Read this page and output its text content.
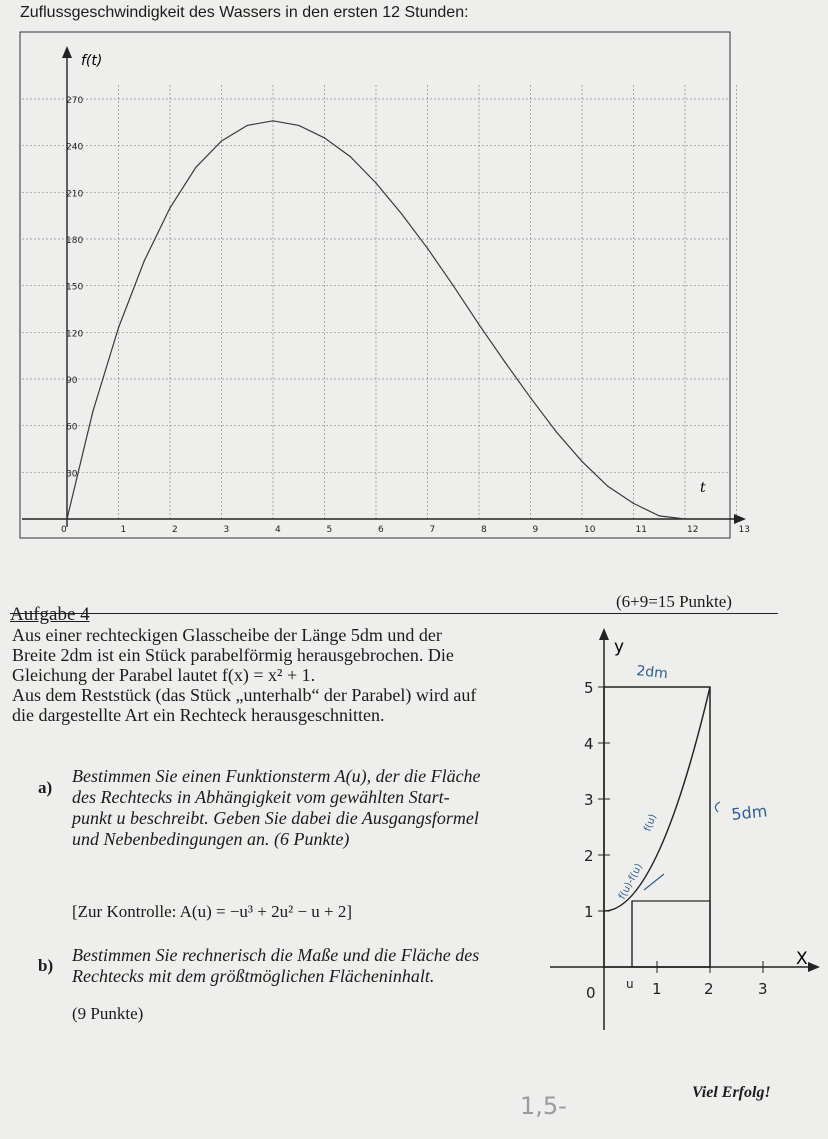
Zuflussgeschwindigkeit des Wassers in den ersten 12 Stunden:
0	1	2	3	4	5	6	7	8	9	10	11	12	13
30
60
90
120
150
180
210
240
270
f(t)
t
Aufgabe 4
(6+9=15 Punkte)
Aus einer rechteckigen Glasscheibe der Länge 5dm und der
Breite 2dm ist ein Stück parabelförmig herausgebrochen. Die
Gleichung der Parabel lautet f(x) = x² + 1.
Aus dem Reststück (das Stück „unterhalb“ der Parabel) wird auf
die dargestellte Art ein Rechteck herausgeschnitten.
a)
Bestimmen Sie einen Funktionsterm A(u), der die Fläche
des Rechtecks in Abhängigkeit vom gewählten Start-
punkt u beschreibt. Geben Sie dabei die Ausgangsformel
und Nebenbedingungen an. (6 Punkte)
[Zur Kontrolle: A(u) = −u³ + 2u² − u + 2]
b)
Bestimmen Sie rechnerisch die Maße und die Fläche des
Rechtecks mit dem größtmöglichen Flächeninhalt.
(9 Punkte)
y
X
5
4
3
2
1
0	u 1	2	3
2dm
5dm
f(u)
f(u)-f(u)
1,5-	Viel Erfolg!
